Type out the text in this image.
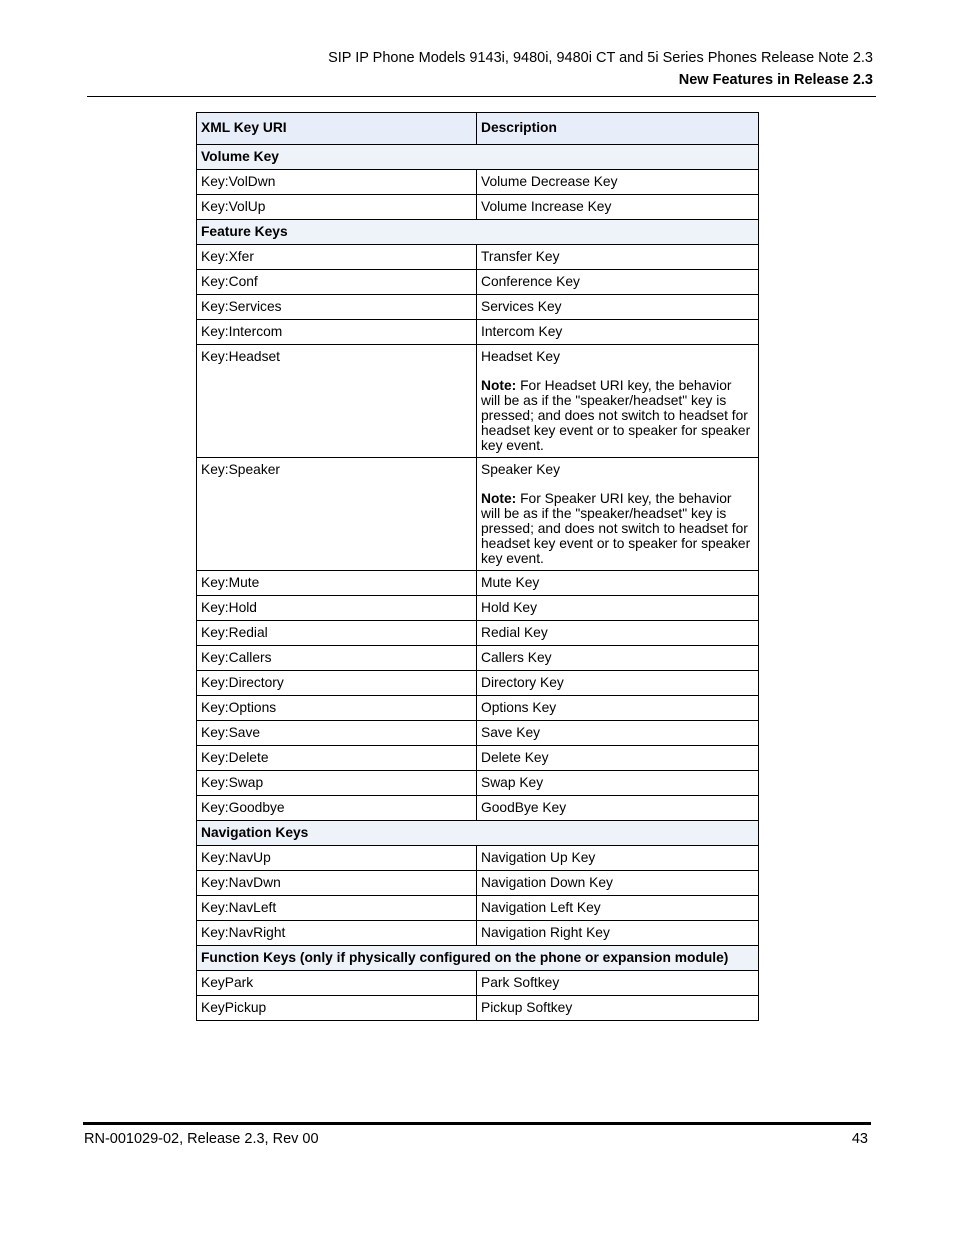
SIP IP Phone Models 9143i, 9480i, 9480i CT and 5i Series Phones Release Note 2.3
New Features in Release 2.3
XML Key URI	Description
Volume Key	
Key:VolDwn	Volume Decrease Key
Key:VolUp	Volume Increase Key
Feature Keys	
Key:Xfer	Transfer Key
Key:Conf	Conference Key
Key:Services	Services Key
Key:Intercom	Intercom Key
Key:Headset	Headset Key

Note: For Headset URI key, the behavior will be as if the "speaker/headset" key is pressed; and does not switch to headset for headset key event or to speaker for speaker key event.

Key:Speaker	Speaker Key

Note: For Speaker URI key, the behavior will be as if the "speaker/headset" key is pressed; and does not switch to headset for headset key event or to speaker for speaker key event.

Key:Mute	Mute Key
Key:Hold	Hold Key
Key:Redial	Redial Key
Key:Callers	Callers Key
Key:Directory	Directory Key
Key:Options	Options Key
Key:Save	Save Key
Key:Delete	Delete Key
Key:Swap	Swap Key
Key:Goodbye	GoodBye Key
Navigation Keys	
Key:NavUp	Navigation Up Key
Key:NavDwn	Navigation Down Key
Key:NavLeft	Navigation Left Key
Key:NavRight	Navigation Right Key
Function Keys (only if physically configured on the phone or expansion module)	
KeyPark	Park Softkey
KeyPickup	Pickup Softkey
RN-001029-02, Release 2.3, Rev 00	43
